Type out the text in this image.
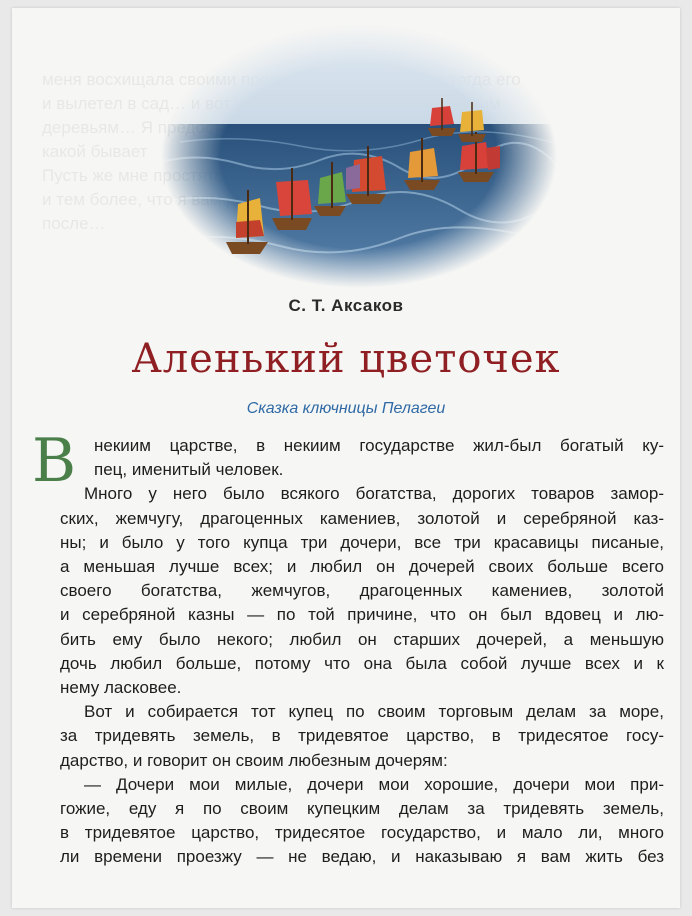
меня восхищала
и вылетел в
деревьям… Я
какой бывает
Пусть же мне
и тем более, что
после…
С. Т. Аксаков
Аленький цветочек
Сказка ключницы Пелагеи
В	некиим царстве, в некиим государстве жил-был богатый ку-
пец, именитый человек.
Много у него было всякого богатства, дорогих товаров замор-
ских, жемчугу, драгоценных камениев, золотой и серебряной каз-
ны; и было у того купца три дочери, все три красавицы писаные,
а меньшая лучше всех; и любил он дочерей своих больше всего
своего богатства, жемчугов, драгоценных камениев, золотой
и серебряной казны — по той причине, что он был вдовец и лю-
бить ему было некого; любил он старших дочерей, а меньшую
дочь любил больше, потому что она была собой лучше всех и к
нему ласковее.
Вот и собирается тот купец по своим торговым делам за море,
за тридевять земель, в тридевятое царство, в тридесятое госу-
дарство, и говорит он своим любезным дочерям:
— Дочери мои милые, дочери мои хорошие, дочери мои при-
гожие, еду я по своим купецким делам за тридевять земель,
в тридевятое царство, тридесятое государство, и мало ли, много
ли времени проезжу — не ведаю, и наказываю я вам жить без
